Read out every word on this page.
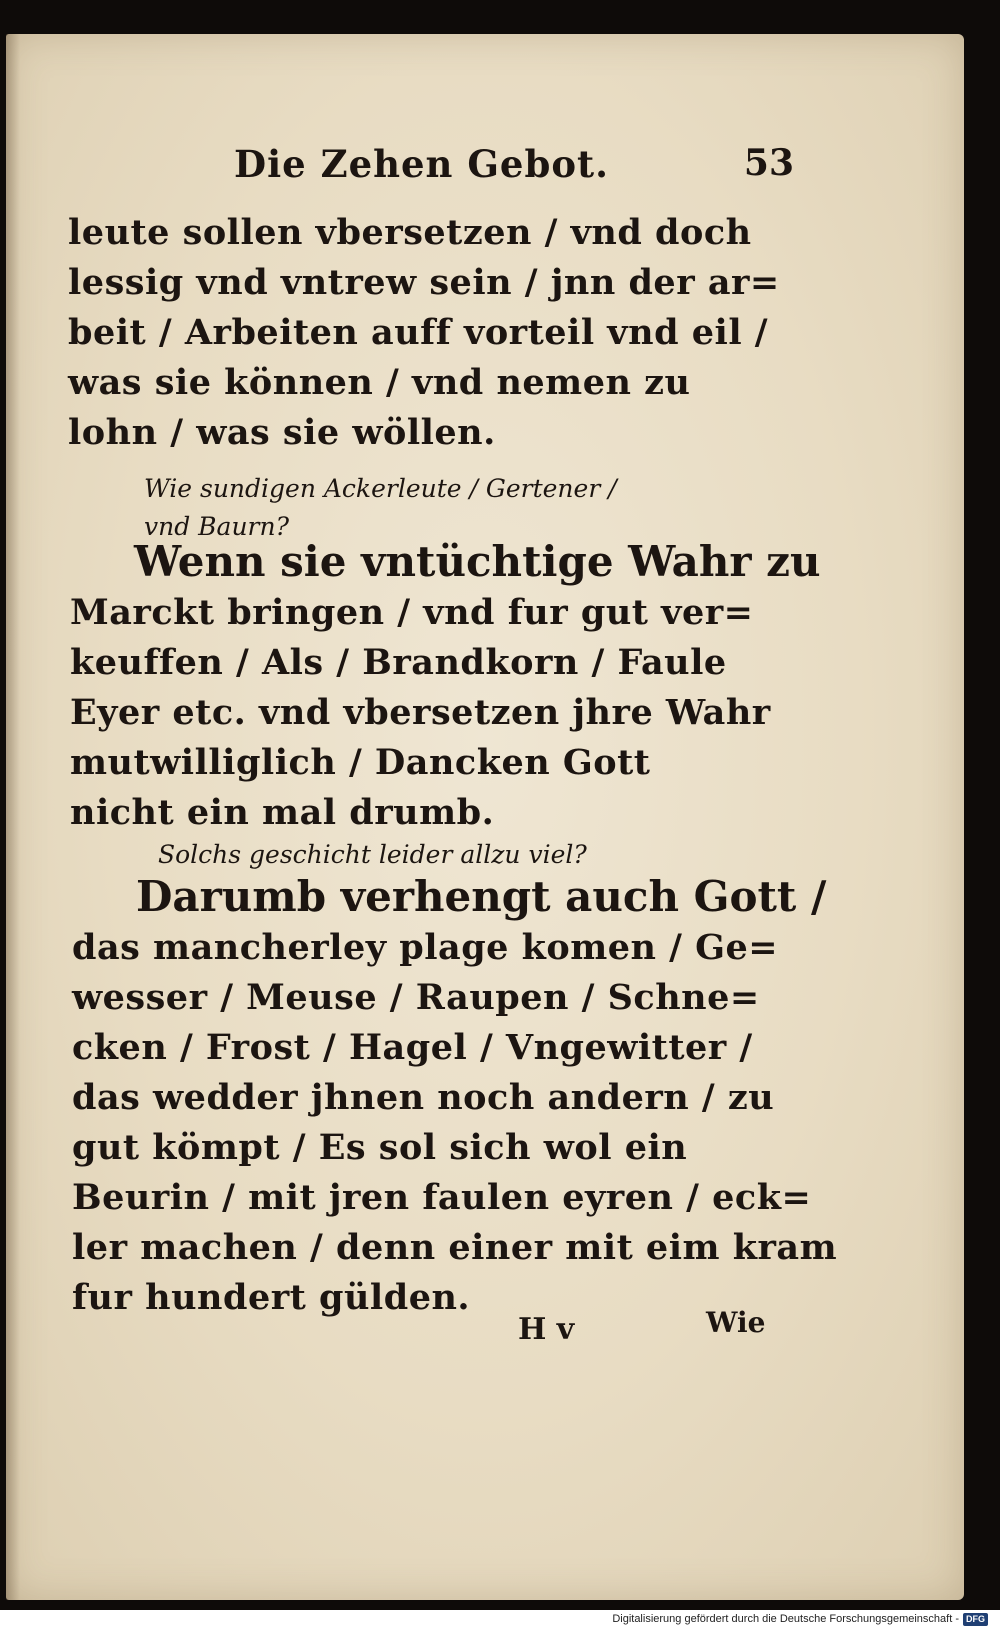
Die Zehen Gebot.	53
leute sollen vbersetzen / vnd doch
lessig vnd vntrew sein / jnn der ar=
beit / Arbeiten auff vorteil vnd eil /
was sie können / vnd nemen zu
lohn / was sie wöllen.
Wie sundigen Ackerleute / Gertener /
vnd Baurn?
Wenn sie vntüchtige Wahr zu
Marckt bringen / vnd fur gut ver=
keuffen / Als / Brandkorn / Faule
Eyer etc. vnd vbersetzen jhre Wahr
mutwilliglich / Dancken Gott
nicht ein mal drumb.
Solchs geschicht leider allzu viel?
Darumb verhengt auch Gott /
das mancherley plage komen / Ge=
wesser / Meuse / Raupen / Schne=
cken / Frost / Hagel / Vngewitter /
das wedder jhnen noch andern / zu
gut kömpt / Es sol sich wol ein
Beurin / mit jren faulen eyren / eck=
ler machen / denn einer mit eim kram
fur hundert gülden.
H v	Wie
Digitalisierung gefördert durch die Deutsche Forschungsgemeinschaft - DFG
